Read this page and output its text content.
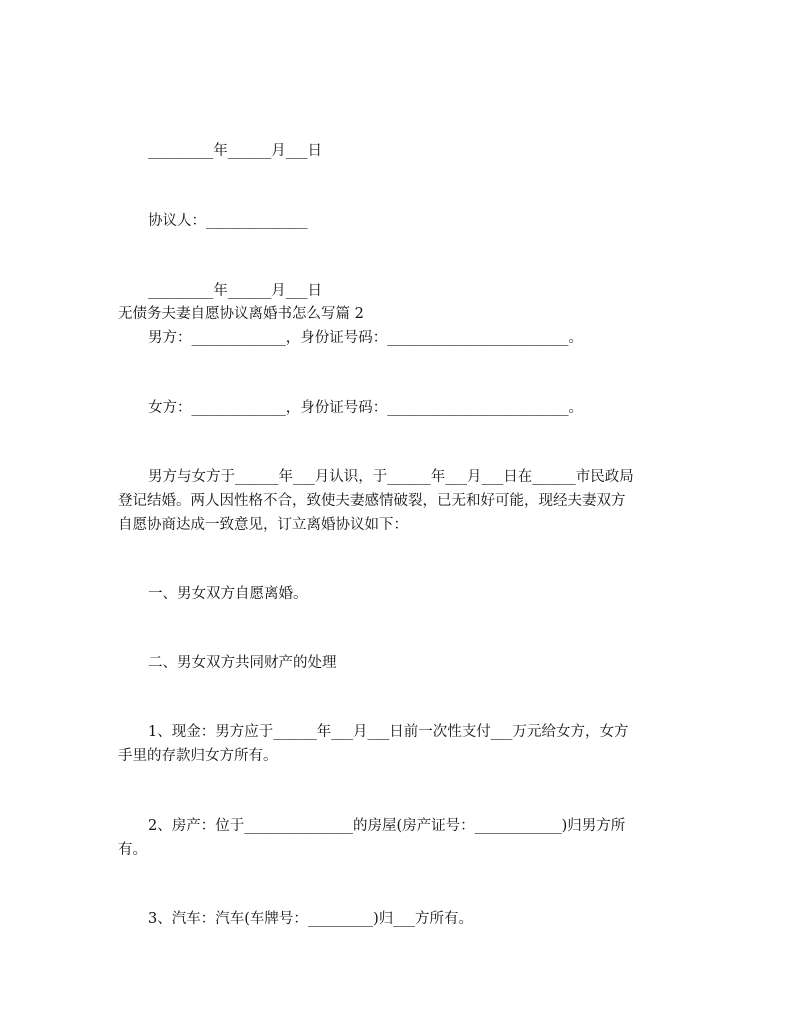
_________年______月___日
协议人：______________
_________年______月___日
无债务夫妻自愿协议离婚书怎么写篇 2
男方：_____________，身份证号码：_________________________。
女方：_____________，身份证号码：_________________________。
男方与女方于______年___月认识，于______年___月___日在______市民政局
登记结婚。两人因性格不合，致使夫妻感情破裂，已无和好可能，现经夫妻双方
自愿协商达成一致意见，订立离婚协议如下：
一、男女双方自愿离婚。
二、男女双方共同财产的处理
1、现金：男方应于______年___月___日前一次性支付___万元给女方，女方
手里的存款归女方所有。
2、房产：位于_______________的房屋(房产证号：____________)归男方所
有。
3、汽车：汽车(车牌号：_________)归___方所有。
